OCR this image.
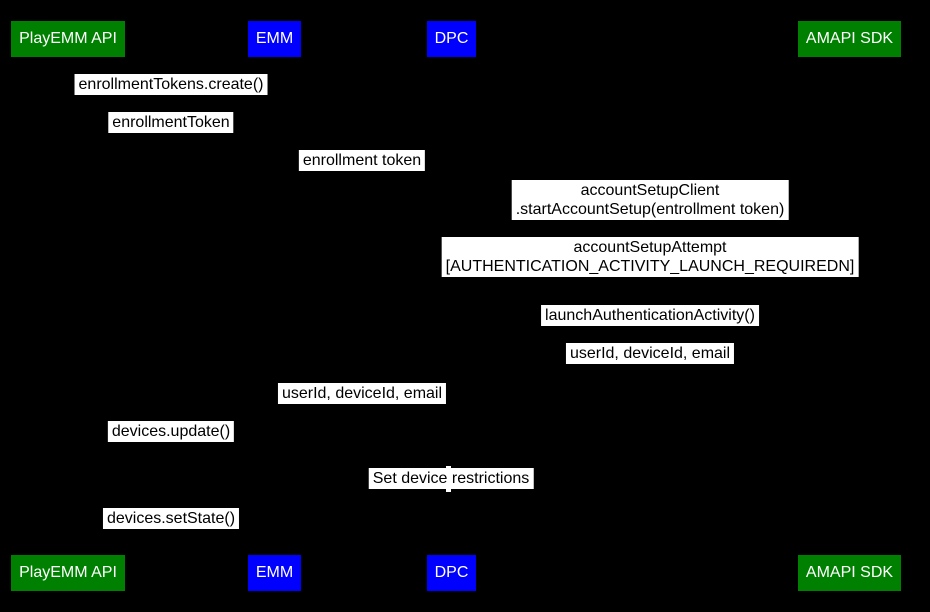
PlayEMM API	EMM	DPC	AMAPI SDK
PlayEMM API	EMM	DPC	AMAPI SDK
enrollmentTokens.create()
enrollmentToken
enrollment token
accountSetupClient
.startAccountSetup(entrollment token)
accountSetupAttempt
[AUTHENTICATION_ACTIVITY_LAUNCH_REQUIREDN]
launchAuthenticationActivity()
userId, deviceId, email
userId, deviceId, email
devices.update()
Set device restrictions
devices.setState()
